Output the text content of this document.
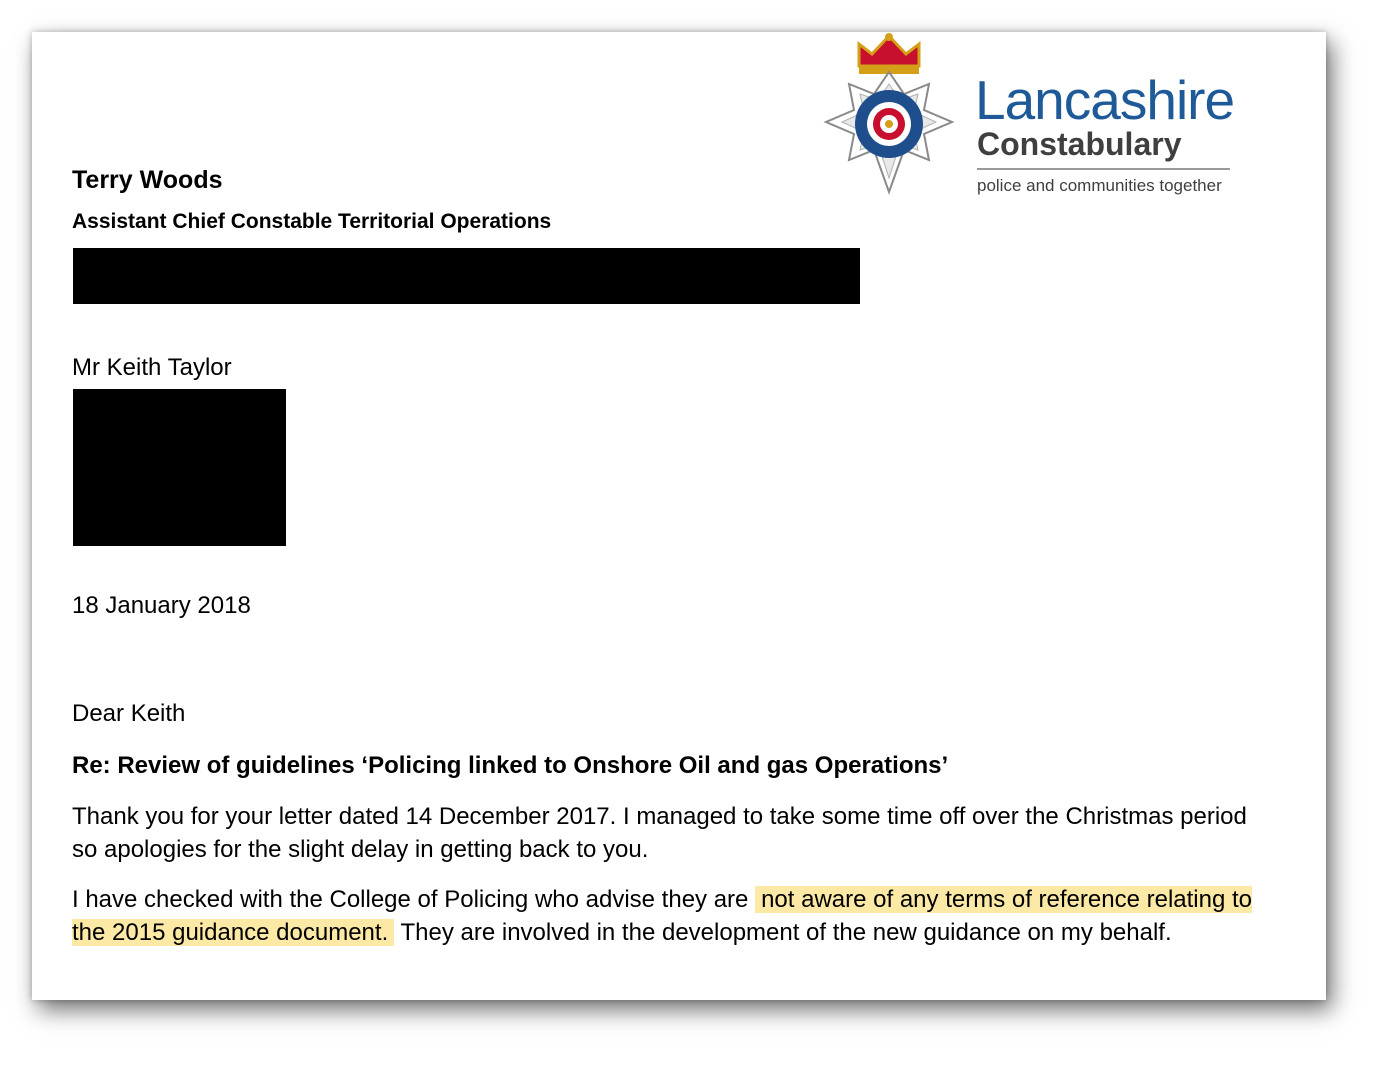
Lancashire
Constabulary
police and communities together
Terry Woods
Assistant Chief Constable Territorial Operations
Mr Keith Taylor
18 January 2018
Dear Keith
Re: Review of guidelines ‘Policing linked to Onshore Oil and gas Operations’

Thank you for your letter dated 14 December 2017. I managed to take some time off over the Christmas period so apologies for the slight delay in getting back to you.

I have checked with the College of Policing who advise they are not aware of any terms of reference relating to the 2015 guidance document. They are involved in the development of the new guidance on my behalf.
